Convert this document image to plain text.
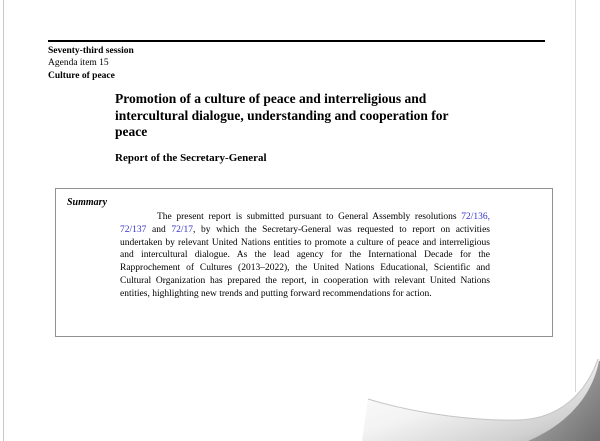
Seventy-third session
Agenda item 15
Culture of peace
Promotion of a culture of peace and interreligious and intercultural dialogue, understanding and cooperation for peace
Report of the Secretary-General
Summary

The present report is submitted pursuant to General Assembly resolutions 72/136, 72/137 and 72/17, by which the Secretary-General was requested to report on activities undertaken by relevant United Nations entities to promote a culture of peace and interreligious and intercultural dialogue. As the lead agency for the International Decade for the Rapprochement of Cultures (2013–2022), the United Nations Educational, Scientific and Cultural Organization has prepared the report, in cooperation with relevant United Nations entities, highlighting new trends and putting forward recommendations for action.
